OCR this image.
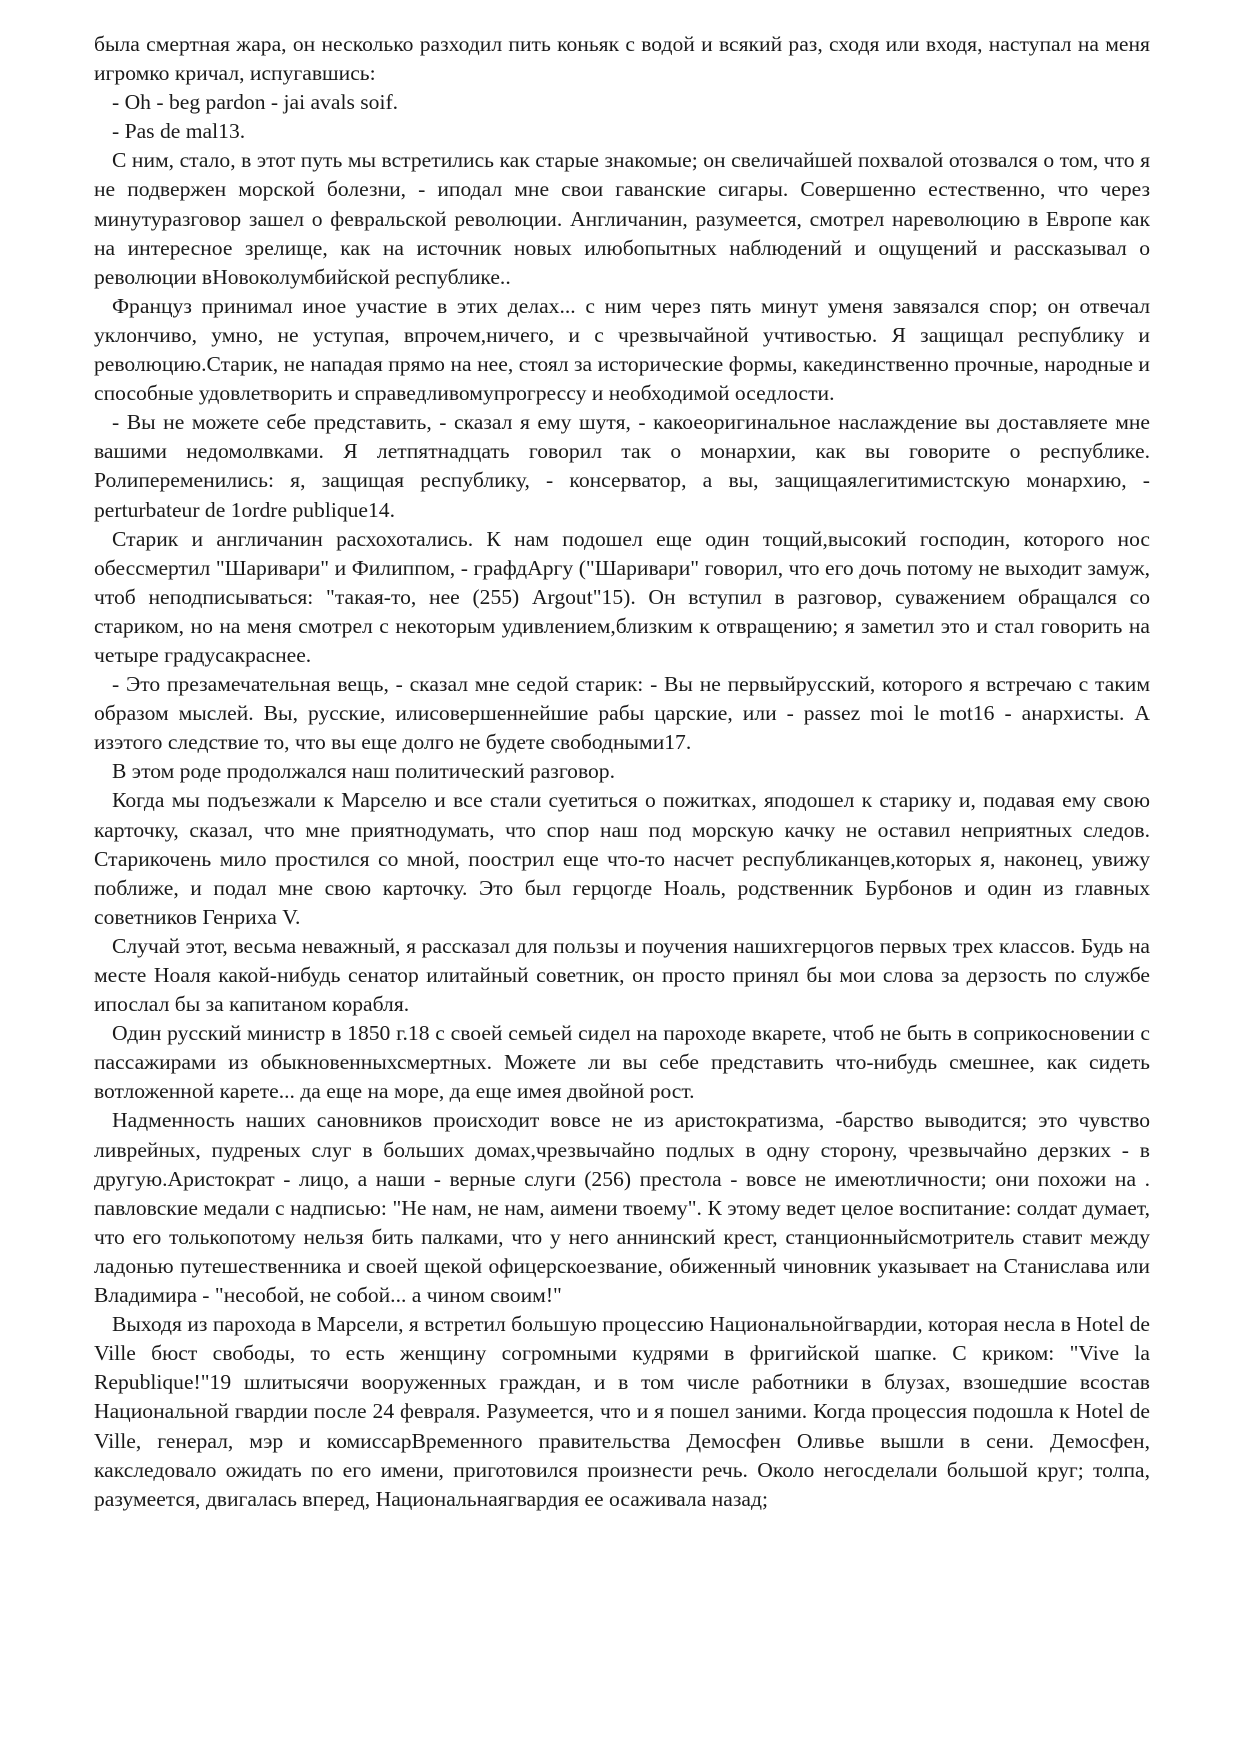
была смертная жара, он несколько разходил пить коньяк с водой и всякий раз, сходя или входя, наступал на меня игромко кричал, испугавшись:

- Oh - beg pardon - jai avals soif.

- Pas de mal13.

С ним, стало, в этот путь мы встретились как старые знакомые; он свеличайшей похвалой отозвался о том, что я не подвержен морской болезни, - иподал мне свои гаванские сигары. Совершенно естественно, что через минутуразговор зашел о февральской революции. Англичанин, разумеется, смотрел нареволюцию в Европе как на интересное зрелище, как на источник новых илюбопытных наблюдений и ощущений и рассказывал о революции вНовоколумбийской республике..

Француз принимал иное участие в этих делах... с ним через пять минут уменя завязался спор; он отвечал уклончиво, умно, не уступая, впрочем,ничего, и с чрезвычайной учтивостью. Я защищал республику и революцию.Старик, не нападая прямо на нее, стоял за исторические формы, какединственно прочные, народные и способные удовлетворить и справедливомупрогрессу и необходимой оседлости.

- Вы не можете себе представить, - сказал я ему шутя, - какоеоригинальное наслаждение вы доставляете мне вашими недомолвками. Я летпятнадцать говорил так о монархии, как вы говорите о республике. Ролипеременились: я, защищая республику, - консерватор, а вы, защищаялегитимистскую монархию, - perturbateur de 1ordre publique14.

Старик и англичанин расхохотались. К нам подошел еще один тощий,высокий господин, которого нос обессмертил "Шаривари" и Филиппом, - графдАргу ("Шаривари" говорил, что его дочь потому не выходит замуж, чтоб неподписываться: "такая-то, нее (255) Argout"15). Он вступил в разговор, суважением обращался со стариком, но на меня смотрел с некоторым удивлением,близким к отвращению; я заметил это и стал говорить на четыре градусакраснее.

- Это презамечательная вещь, - сказал мне седой старик: - Вы не первыйрусский, которого я встречаю с таким образом мыслей. Вы, русские, илисовершеннейшие рабы царские, или - passez moi le mot16 - анархисты. А изэтого следствие то, что вы еще долго не будете свободными17.

В этом роде продолжался наш политический разговор.

Когда мы подъезжали к Марселю и все стали суетиться о пожитках, яподошел к старику и, подавая ему свою карточку, сказал, что мне приятнодумать, что спор наш под морскую качку не оставил неприятных следов. Старикочень мило простился со мной, поострил еще что-то насчет республиканцев,которых я, наконец, увижу поближе, и подал мне свою карточку. Это был герцогде Ноаль, родственник Бурбонов и один из главных советников Генриха V.

Случай этот, весьма неважный, я рассказал для пользы и поучения нашихгерцогов первых трех классов. Будь на месте Ноаля какой-нибудь сенатор илитайный советник, он просто принял бы мои слова за дерзость по службе ипослал бы за капитаном корабля.

Один русский министр в 1850 г.18 с своей семьей сидел на пароходе вкарете, чтоб не быть в соприкосновении с пассажирами из обыкновенныхсмертных. Можете ли вы себе представить что-нибудь смешнее, как сидеть вотложенной карете... да еще на море, да еще имея двойной рост.

Надменность наших сановников происходит вовсе не из аристократизма, -барство выводится; это чувство ливрейных, пудреных слуг в больших домах,чрезвычайно подлых в одну сторону, чрезвычайно дерзких - в другую.Аристократ - лицо, а наши - верные слуги (256) престола - вовсе не имеютличности; они похожи на . павловские медали с надписью: "Не нам, не нам, аимени твоему". К этому ведет целое воспитание: солдат думает, что его толькопотому нельзя бить палками, что у него аннинский крест, станционныйсмотритель ставит между ладонью путешественника и своей щекой офицерскоезвание, обиженный чиновник указывает на Станислава или Владимира - "несобой, не собой... а чином своим!"

Выходя из парохода в Марсели, я встретил большую процессию Национальнойгвардии, которая несла в Hotel de Ville бюст свободы, то есть женщину согромными кудрями в фригийской шапке. С криком: "Vive la Republique!"19 шлитысячи вооруженных граждан, и в том числе работники в блузах, взошедшие всостав Национальной гвардии после 24 февраля. Разумеется, что и я пошел заними. Когда процессия подошла к Hotel de Ville, генерал, мэр и комиссарВременного правительства Демосфен Оливье вышли в сени. Демосфен, какследовало ожидать по его имени, приготовился произнести речь. Около негосделали большой круг; толпа, разумеется, двигалась вперед, Национальнаягвардия ее осаживала назад;
